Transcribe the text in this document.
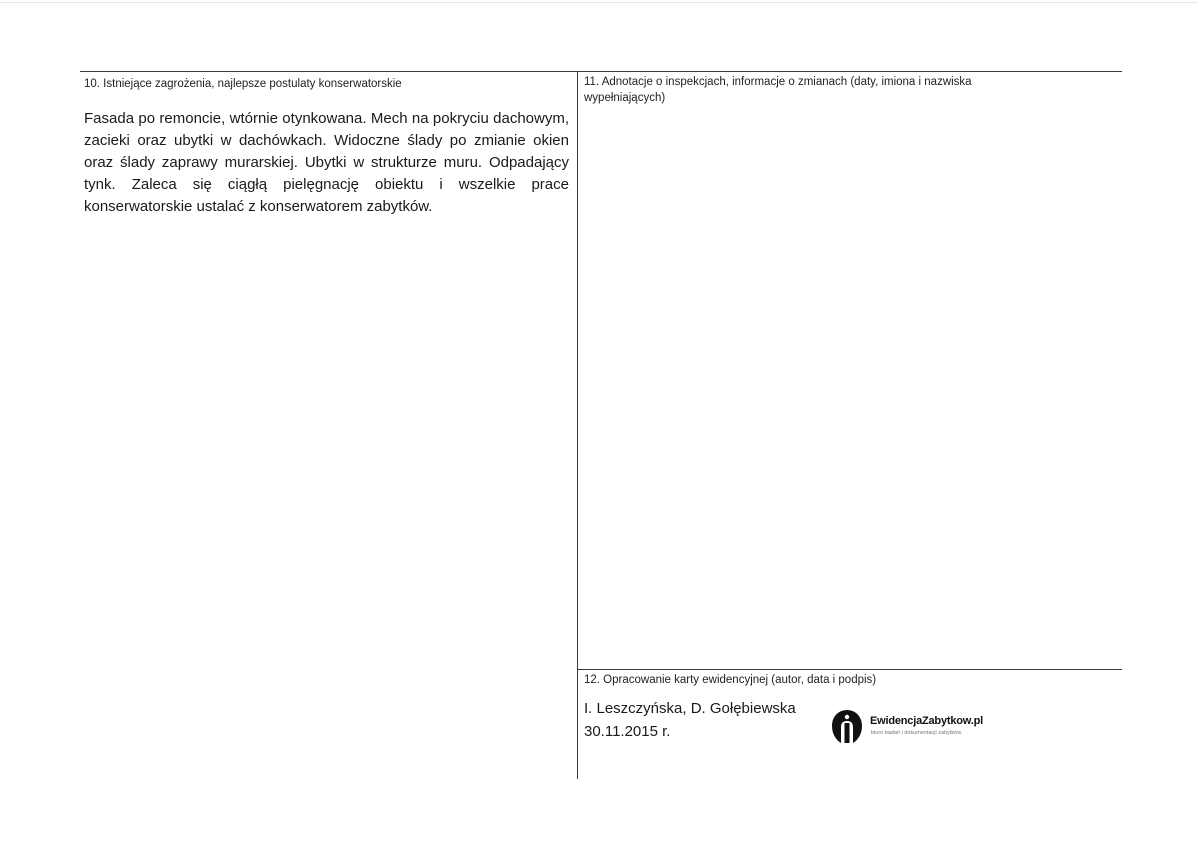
10. Istniejące zagrożenia, najlepsze postulaty konserwatorskie
Fasada po remoncie, wtórnie otynkowana. Mech na pokryciu dachowym, zacieki oraz ubytki w dachówkach. Widoczne ślady po zmianie okien oraz ślady zaprawy murarskiej. Ubytki w strukturze muru. Odpadający tynk. Zaleca się ciągłą pielęgnację obiektu i wszelkie prace konserwatorskie ustalać z konserwatorem zabytków.
11. Adnotacje o inspekcjach, informacje o zmianach (daty, imiona i nazwiska wypełniających)
12. Opracowanie karty ewidencyjnej (autor, data i podpis)
I. Leszczyńska, D. Gołębiewska
30.11.2015 r.
EwidencjaZabytkow.pl
biuro badań i dokumentacji zabytków
